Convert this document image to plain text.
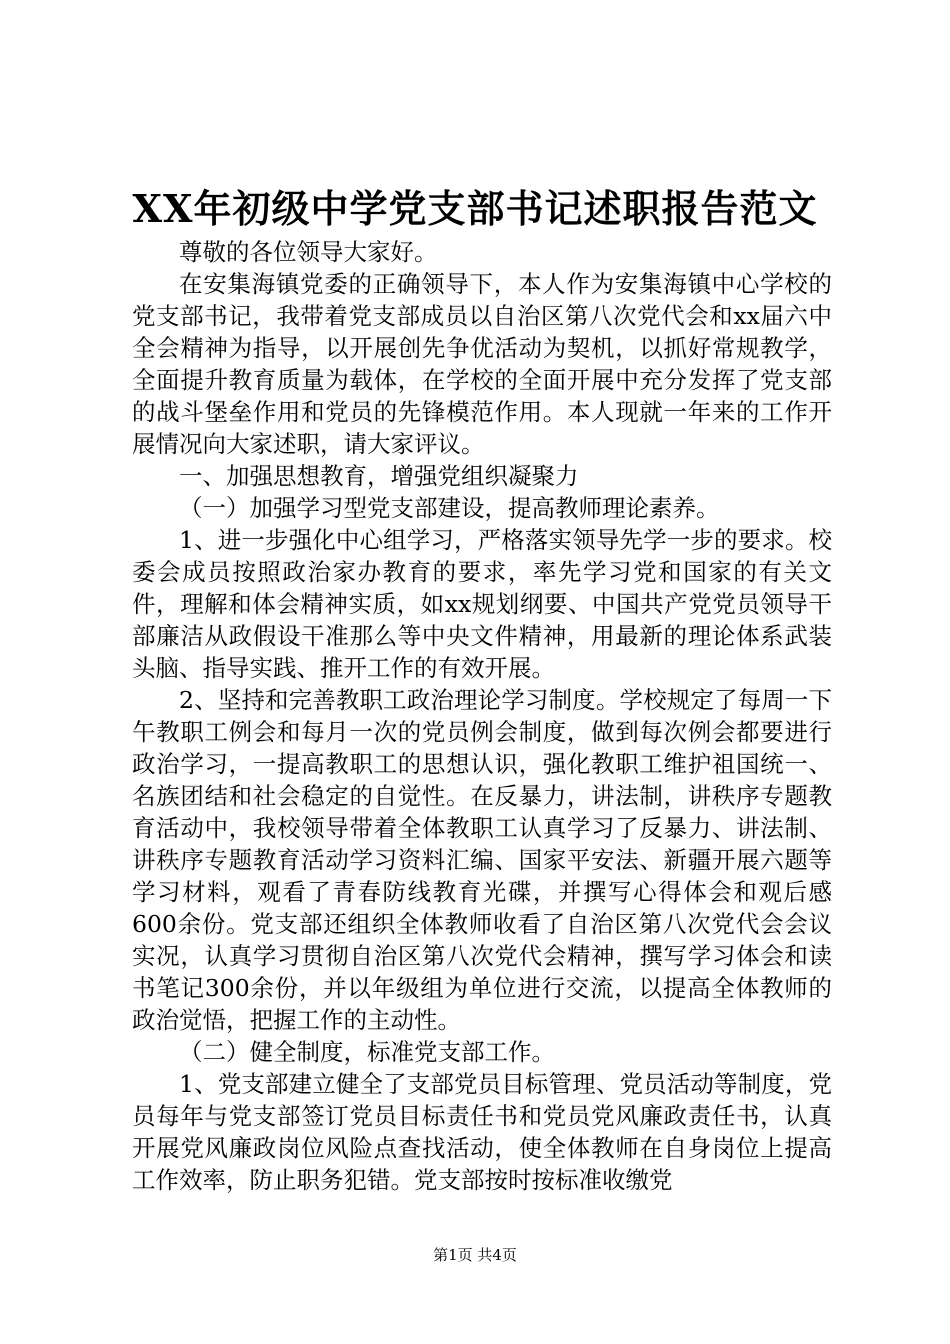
XX年初级中学党支部书记述职报告范文

尊敬的各位领导大家好。

在安集海镇党委的正确领导下，本人作为安集海镇中心学校的党支部书记，我带着党支部成员以自治区第八次党代会和xx届六中全会精神为指导，以开展创先争优活动为契机，以抓好常规教学，全面提升教育质量为载体，在学校的全面开展中充分发挥了党支部的战斗堡垒作用和党员的先锋模范作用。本人现就一年来的工作开展情况向大家述职，请大家评议。

一、加强思想教育，增强党组织凝聚力

（一）加强学习型党支部建设，提高教师理论素养。

1、进一步强化中心组学习，严格落实领导先学一步的要求。校委会成员按照政治家办教育的要求，率先学习党和国家的有关文件，理解和体会精神实质，如xx规划纲要、中国共产党党员领导干部廉洁从政假设干准那么等中央文件精神，用最新的理论体系武装头脑、指导实践、推开工作的有效开展。

2、坚持和完善教职工政治理论学习制度。学校规定了每周一下午教职工例会和每月一次的党员例会制度，做到每次例会都要进行政治学习，一提高教职工的思想认识，强化教职工维护祖国统一、名族团结和社会稳定的自觉性。在反暴力，讲法制，讲秩序专题教育活动中，我校领导带着全体教职工认真学习了反暴力、讲法制、讲秩序专题教育活动学习资料汇编、国家平安法、新疆开展六题等学习材料，观看了青春防线教育光碟，并撰写心得体会和观后感600余份。党支部还组织全体教师收看了自治区第八次党代会会议实况，认真学习贯彻自治区第八次党代会精神，撰写学习体会和读书笔记300余份，并以年级组为单位进行交流，以提高全体教师的政治觉悟，把握工作的主动性。

（二）健全制度，标准党支部工作。

1、党支部建立健全了支部党员目标管理、党员活动等制度，党员每年与党支部签订党员目标责任书和党员党风廉政责任书，认真开展党风廉政岗位风险点查找活动，使全体教师在自身岗位上提高工作效率，防止职务犯错。党支部按时按标准收缴党

第1页 共4页
